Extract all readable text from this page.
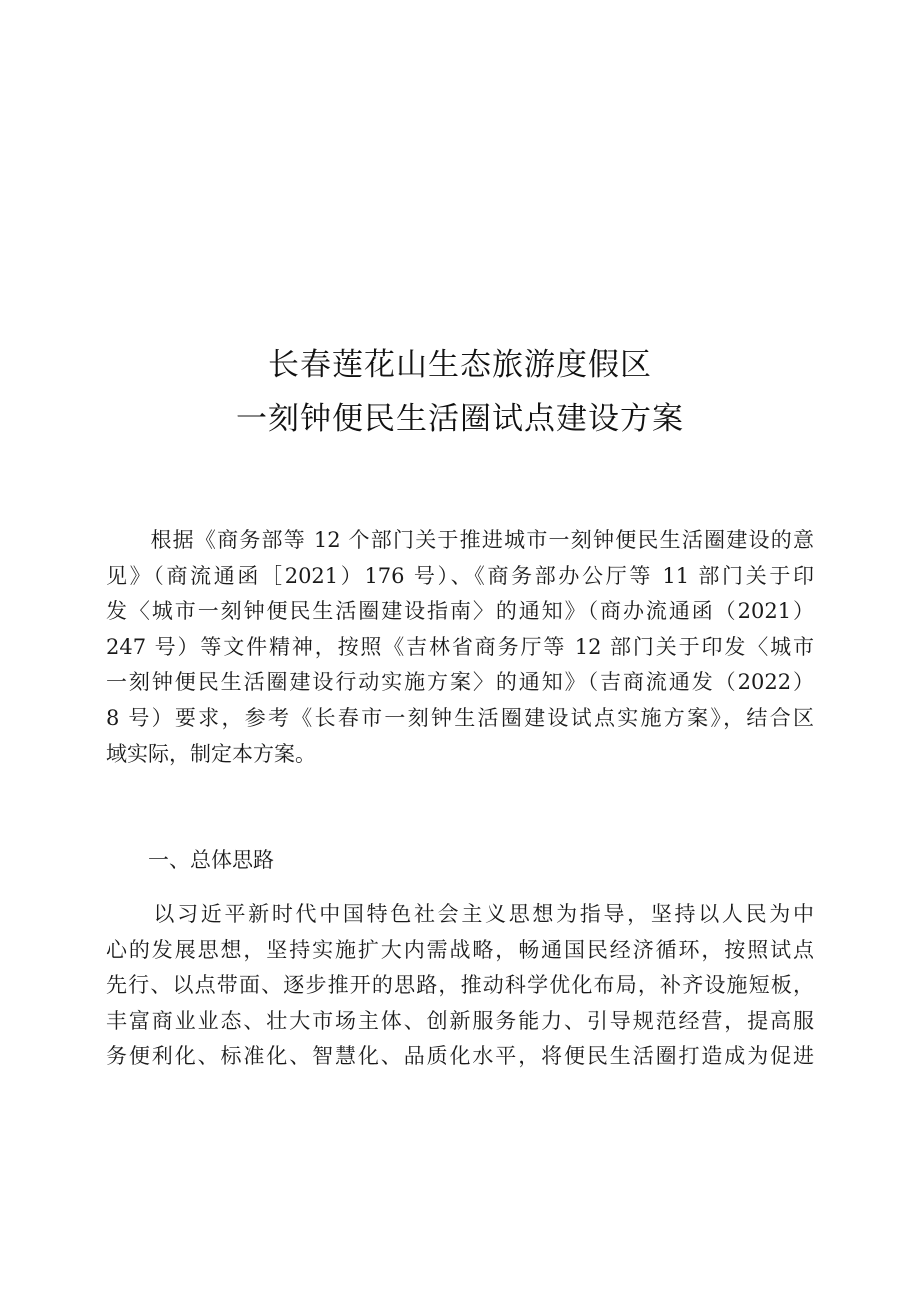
长春莲花山生态旅游度假区
一刻钟便民生活圈试点建设方案
　　根据《商务部等 12 个部门关于推进城市一刻钟便民生活圈建设的意
见》（商流通函［2021）176 号）、《商务部办公厅等 11 部门关于印
发〈城市一刻钟便民生活圈建设指南〉的通知》（商办流通函（2021）
247 号）等文件精神，按照《吉林省商务厅等 12 部门关于印发〈城市
一刻钟便民生活圈建设行动实施方案〉的通知》（吉商流通发（2022）
8 号）要求，参考《长春市一刻钟生活圈建设试点实施方案》，结合区
域实际，制定本方案。
　　一、总体思路
　　以习近平新时代中国特色社会主义思想为指导，坚持以人民为中
心的发展思想，坚持实施扩大内需战略，畅通国民经济循环，按照试点
先行、以点带面、逐步推开的思路，推动科学优化布局，补齐设施短板，
丰富商业业态、壮大市场主体、创新服务能力、引导规范经营，提高服
务便利化、标准化、智慧化、品质化水平，将便民生活圈打造成为促进
